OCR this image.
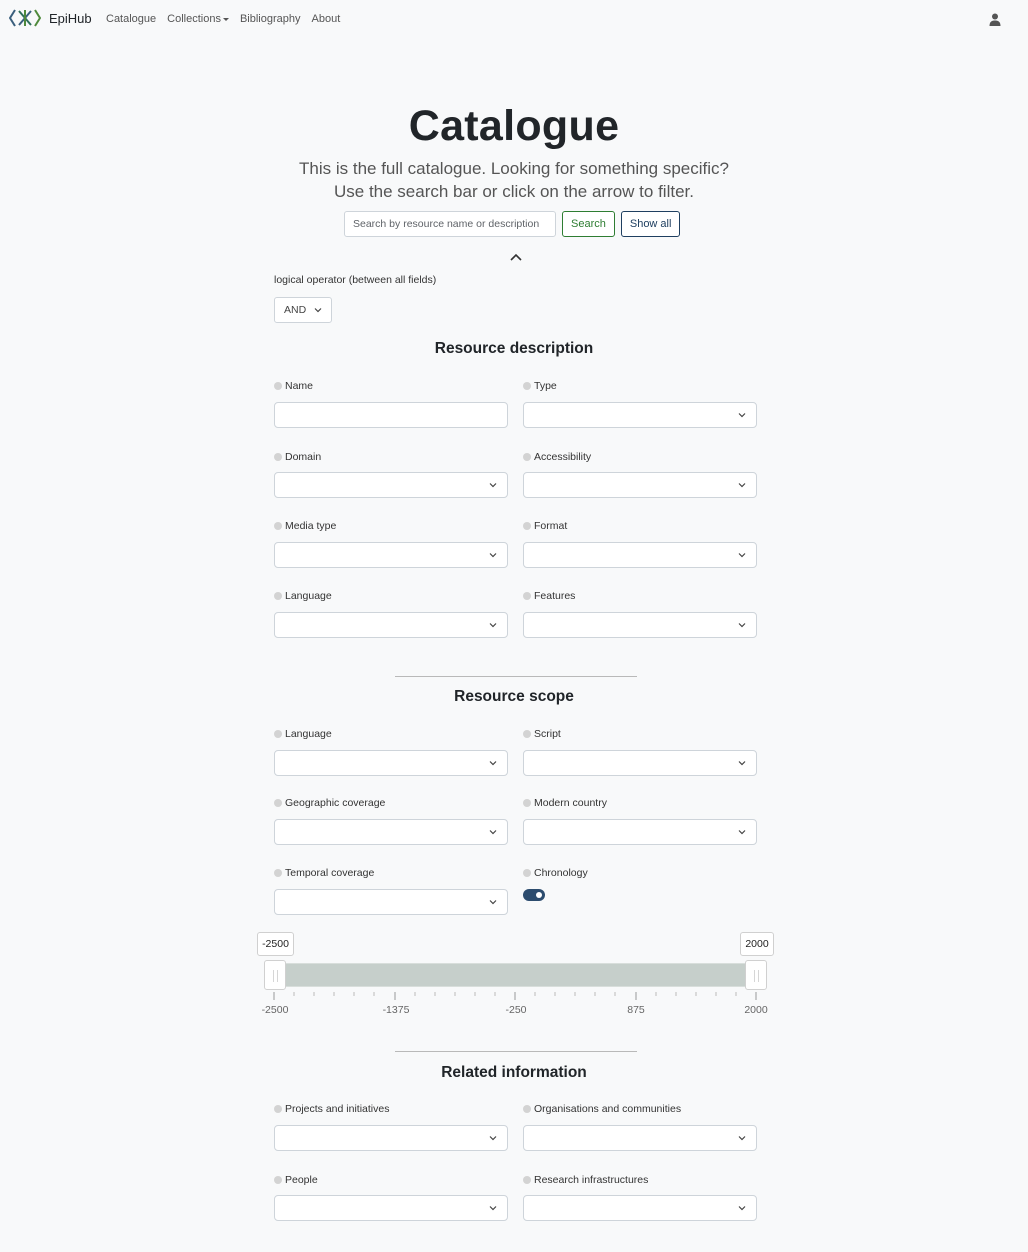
EpiHub Catalogue Collections	Bibliography About
Catalogue
This is the full catalogue. Looking for something specific?
Use the search bar or click on the arrow to filter.
Search by resource name or description
Search	Show all
logical operator (between all fields)
AND
Resource description
Name	Type
Domain	Accessibility
Media type	Format
Language	Features
Resource scope
Language	Script
Geographic coverage	Modern country
Temporal coverage	Chronology
-2500	2000
-2500	-1375	-250	875	2000
Related information
Projects and initiatives	Organisations and communities
People	Research infrastructures
